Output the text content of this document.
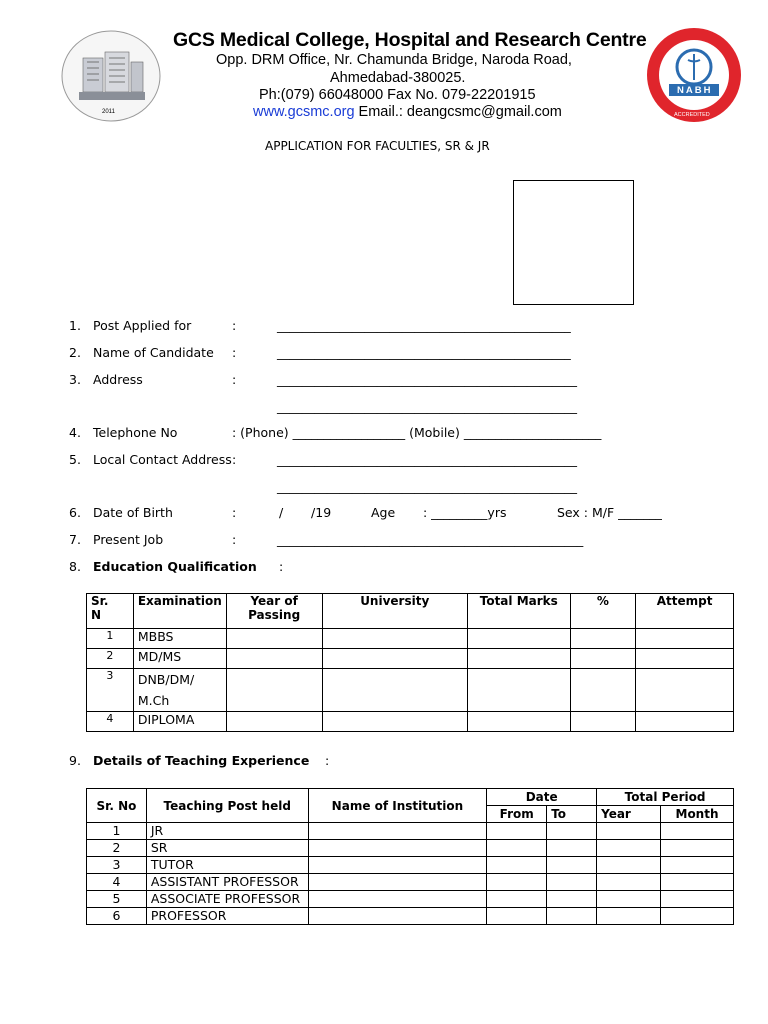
2011
GCS Medical College, Hospital and Research Centre
Opp. DRM Office, Nr. Chamunda Bridge, Naroda Road,
Ahmedabad-380025.
Ph:(079) 66048000 Fax No. 079-22201915
www.gcsmc.org Email.: deangcsmc@gmail.com
NABH
ACCREDITED
APPLICATION FOR FACULTIES, SR & JR
1. Post Applied for	:	_______________________________________________
2. Name of Candidate :	_______________________________________________
3. Address	:	________________________________________________
________________________________________________
4. Telephone No	: (Phone) __________________ (Mobile) ______________________
5. Local Contact Address :	________________________________________________
________________________________________________
6. Date of Birth	:	/       /19	Age       : _________yrs	Sex : M/F _______
7. Present Job	:	_________________________________________________
8. Education Qualification :
Sr.
N	Examination	Year of Passing	University	Total Marks	%	Attempt
1	MBBS					
2	MD/MS					
3	DNB/DM/ M.Ch					
4	DIPLOMA					
9. Details of Teaching Experience :
Sr. No	Teaching Post held	Name of Institution	Date		Total Period	
			From	To	Year	Month
1	JR					
2	SR					
3	TUTOR					
4	ASSISTANT PROFESSOR					
5	ASSOCIATE PROFESSOR					
6	PROFESSOR					
